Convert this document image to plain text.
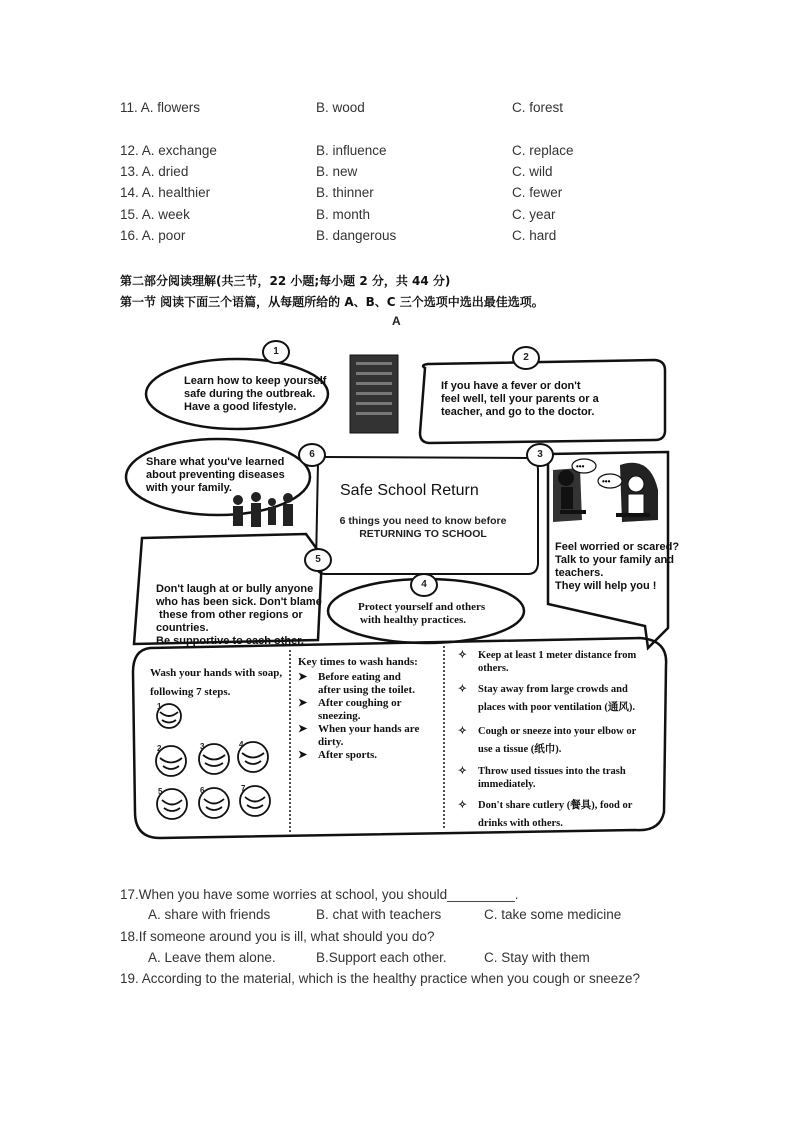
11. A. flowers	B. wood	C. forest
12. A. exchange	B. influence	C. replace
13. A. dried	B. new	C. wild
14. A. healthier	B. thinner	C. fewer
15. A. week	B. month	C. year
16. A. poor	B. dangerous	C. hard
第二部分阅读理解(共三节，22 小题;每小题 2 分，共 44 分)
第一节 阅读下面三个语篇，从每题所给的 A、B、C 三个选项中选出最佳选项。
A
•••
•••
1
2	3	4
5	6	7
1
2
3
4
5
6
Learn how to keep yourself
safe during the outbreak.
Have a good lifestyle.
If you have a fever or don't
feel well, tell your parents or a
teacher, and go to the doctor.
Share what you've learned
about preventing diseases
with your family.	Safe School Return
6 things you need to know before
RETURNING TO SCHOOL
Feel worried or scared?
Talk to your family and
teachers.
They will help you !

Don't laugh at or bully anyone
who has been sick. Don't blame
these from other regions or
countries.
Be supportive to each other.

Protect yourself and others
with healthy practices.
Wash your hands with soap,
following 7 steps.
Key times to wash hands:
➤ Before eating and
after using the toilet.
➤ After coughing or
sneezing.
➤ When your hands are
dirty.
➤ After sports.
✧	Keep at least 1 meter distance from
others.
✧	Stay away from large crowds and
places with poor ventilation (通风).
✧	Cough or sneeze into your elbow or
use a tissue (纸巾).
✧	Throw used tissues into the trash
immediately.
✧	Don't share cutlery (餐具), food or
drinks with others.
17.When you have some worries at school, you should_________.
A. share with friends	B. chat with teachers	C. take some medicine
18.If someone around you is ill, what should you do?
A. Leave them alone.	B.Support each other.	C. Stay with them
19. According to the material, which is the healthy practice when you cough or sneeze?
